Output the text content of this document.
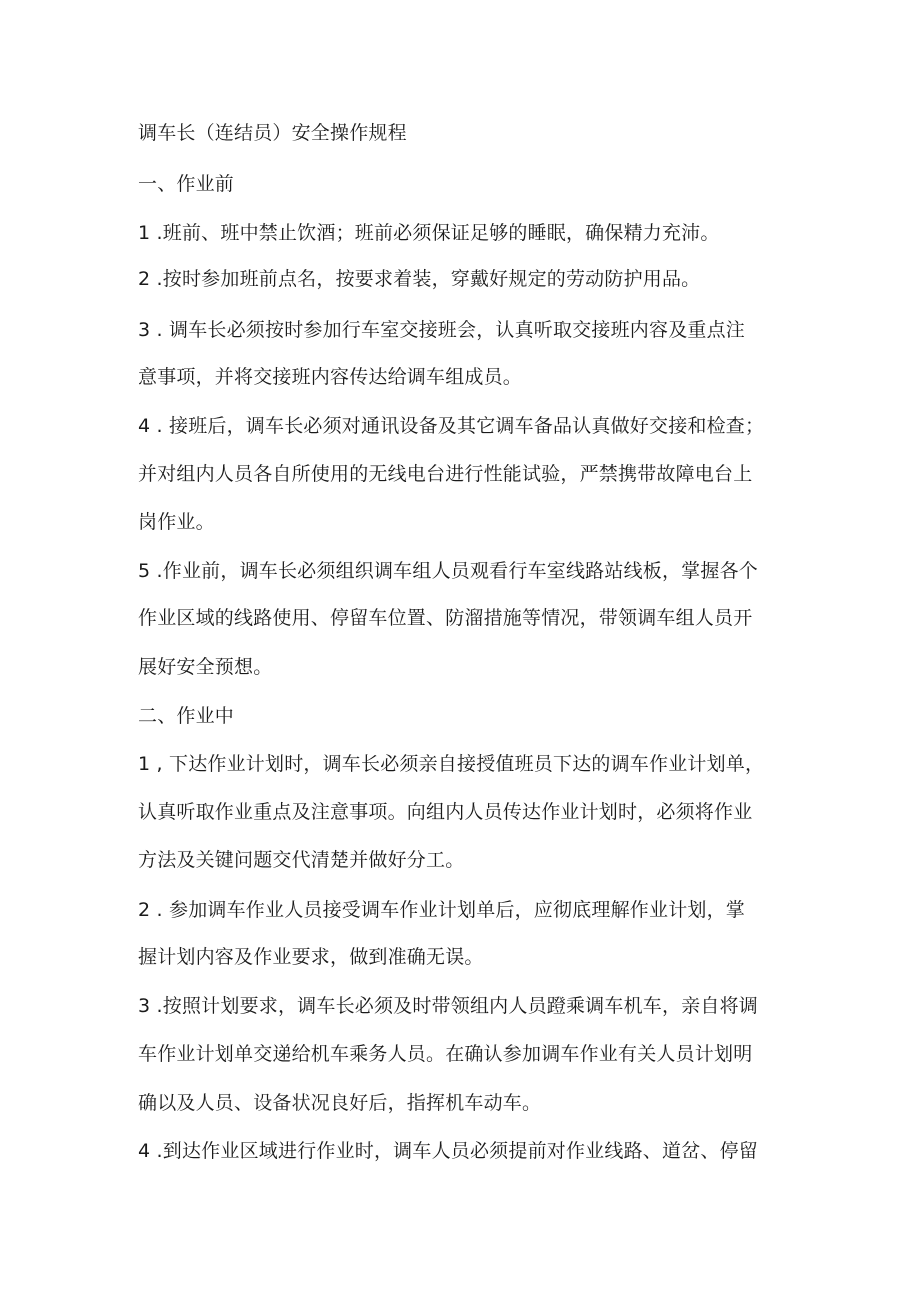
调车长（连结员）安全操作规程
一、作业前
1 .班前、班中禁止饮酒；班前必须保证足够的睡眠，确保精力充沛。
2 .按时参加班前点名，按要求着装，穿戴好规定的劳动防护用品。
3 . 调车长必须按时参加行车室交接班会，认真听取交接班内容及重点注
意事项，并将交接班内容传达给调车组成员。
4 . 接班后，调车长必须对通讯设备及其它调车备品认真做好交接和检查；
并对组内人员各自所使用的无线电台进行性能试验，严禁携带故障电台上
岗作业。
5 .作业前，调车长必须组织调车组人员观看行车室线路站线板，掌握各个
作业区域的线路使用、停留车位置、防溜措施等情况，带领调车组人员开
展好安全预想。
二、作业中
1 , 下达作业计划时，调车长必须亲自接授值班员下达的调车作业计划单，
认真听取作业重点及注意事项。向组内人员传达作业计划时，必须将作业
方法及关键问题交代清楚并做好分工。
2 . 参加调车作业人员接受调车作业计划单后，应彻底理解作业计划，掌
握计划内容及作业要求，做到准确无误。
3 .按照计划要求，调车长必须及时带领组内人员蹬乘调车机车，亲自将调
车作业计划单交递给机车乘务人员。在确认参加调车作业有关人员计划明
确以及人员、设备状况良好后，指挥机车动车。
4 .到达作业区域进行作业时，调车人员必须提前对作业线路、道岔、停留
